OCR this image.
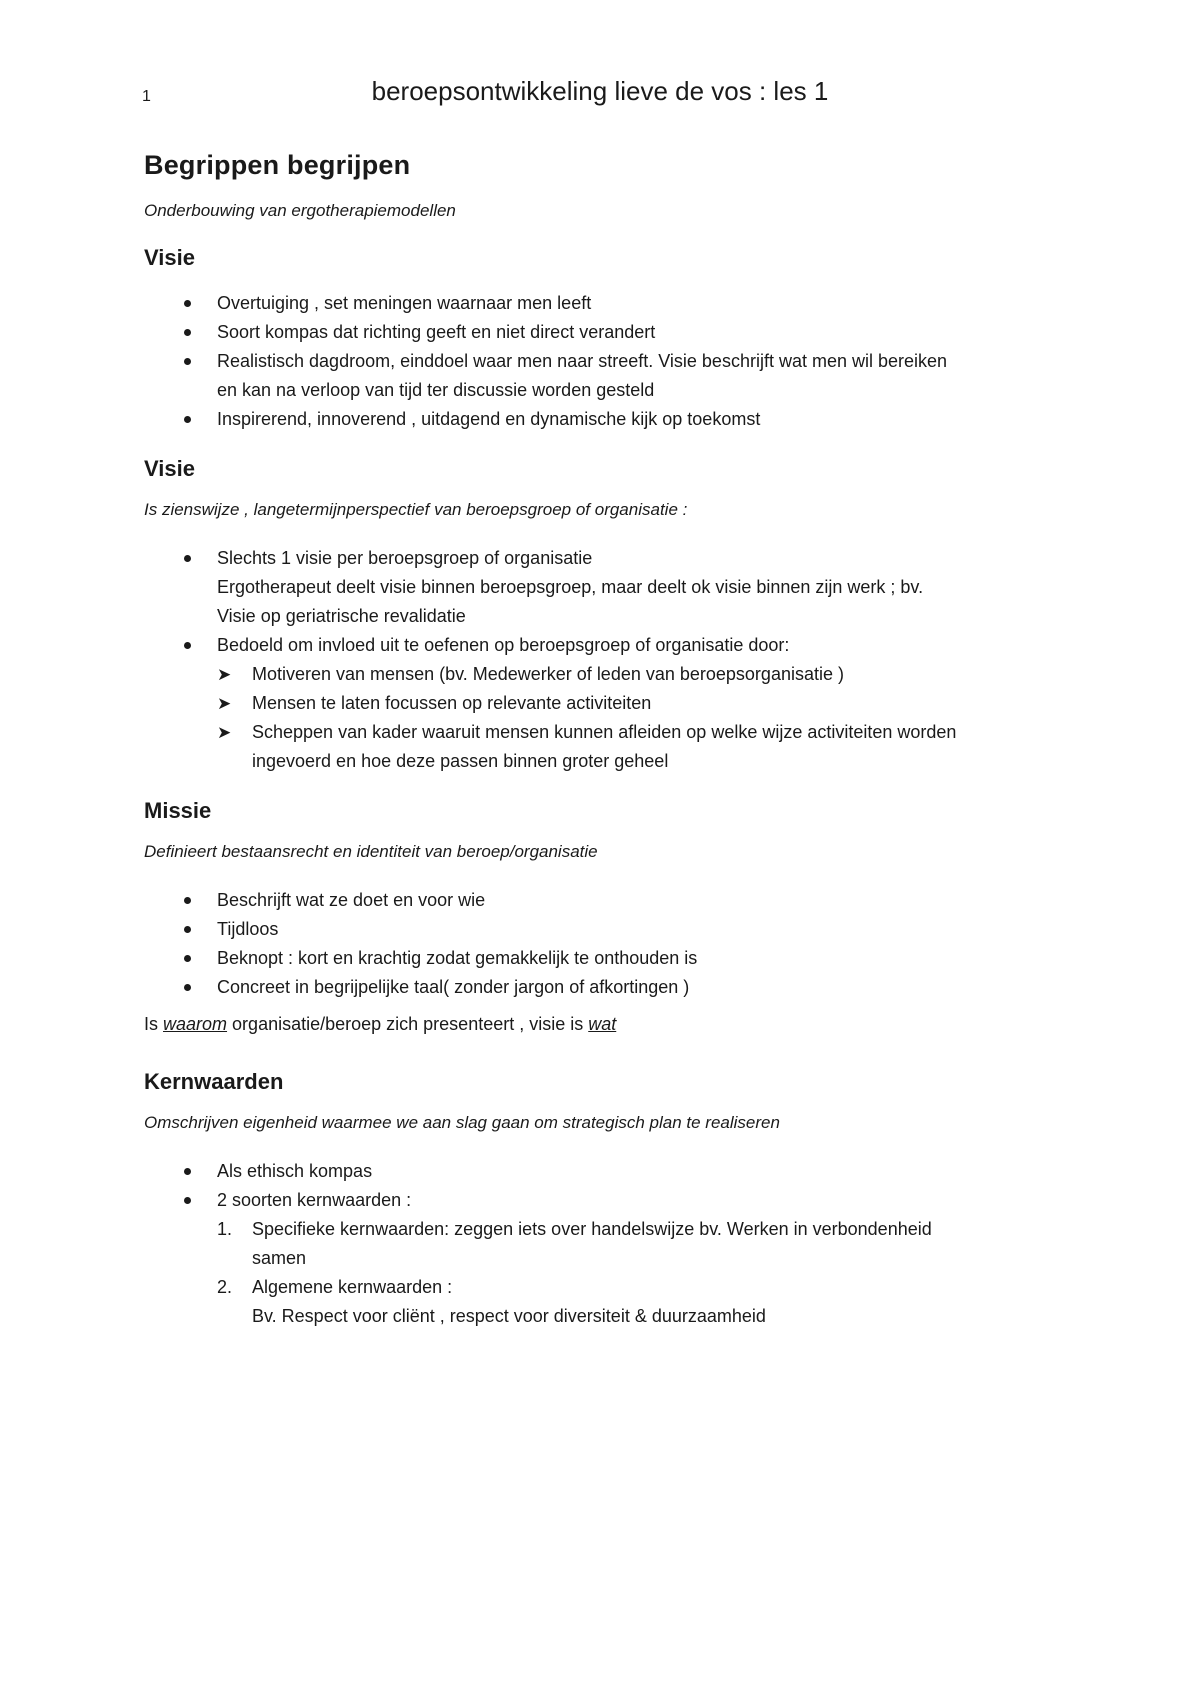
1	beroepsontwikkeling lieve de vos : les 1
Begrippen begrijpen
Onderbouwing van ergotherapiemodellen
Visie
Overtuiging , set meningen waarnaar men leeft
Soort kompas dat richting geeft en niet direct verandert
Realistisch dagdroom, einddoel waar men naar streeft. Visie beschrijft wat men wil bereiken
en kan na verloop van tijd ter discussie worden gesteld
Inspirerend, innoverend , uitdagend en dynamische kijk op toekomst
Visie
Is zienswijze , langetermijnperspectief van beroepsgroep of organisatie :
Slechts 1 visie per beroepsgroep of organisatie
Ergotherapeut deelt visie binnen beroepsgroep, maar deelt ok visie binnen zijn werk ; bv.
Visie op geriatrische revalidatie
Bedoeld om invloed uit te oefenen op beroepsgroep of organisatie door:
➤ Motiveren van mensen (bv. Medewerker of leden van beroepsorganisatie )
➤ Mensen te laten focussen op relevante activiteiten
➤ Scheppen van kader waaruit mensen kunnen afleiden op welke wijze activiteiten worden
ingevoerd en hoe deze passen binnen groter geheel
Missie
Definieert bestaansrecht en identiteit van beroep/organisatie
Beschrijft wat ze doet en voor wie
Tijdloos
Beknopt : kort en krachtig zodat gemakkelijk te onthouden is
Concreet in begrijpelijke taal( zonder jargon of afkortingen )

Is waarom organisatie/beroep zich presenteert , visie is wat

Kernwaarden
Omschrijven eigenheid waarmee we aan slag gaan om strategisch plan te realiseren
Als ethisch kompas
2 soorten kernwaarden :
1. Specifieke kernwaarden: zeggen iets over handelswijze bv. Werken in verbondenheid
samen
2. Algemene kernwaarden :
Bv. Respect voor cliënt , respect voor diversiteit & duurzaamheid
